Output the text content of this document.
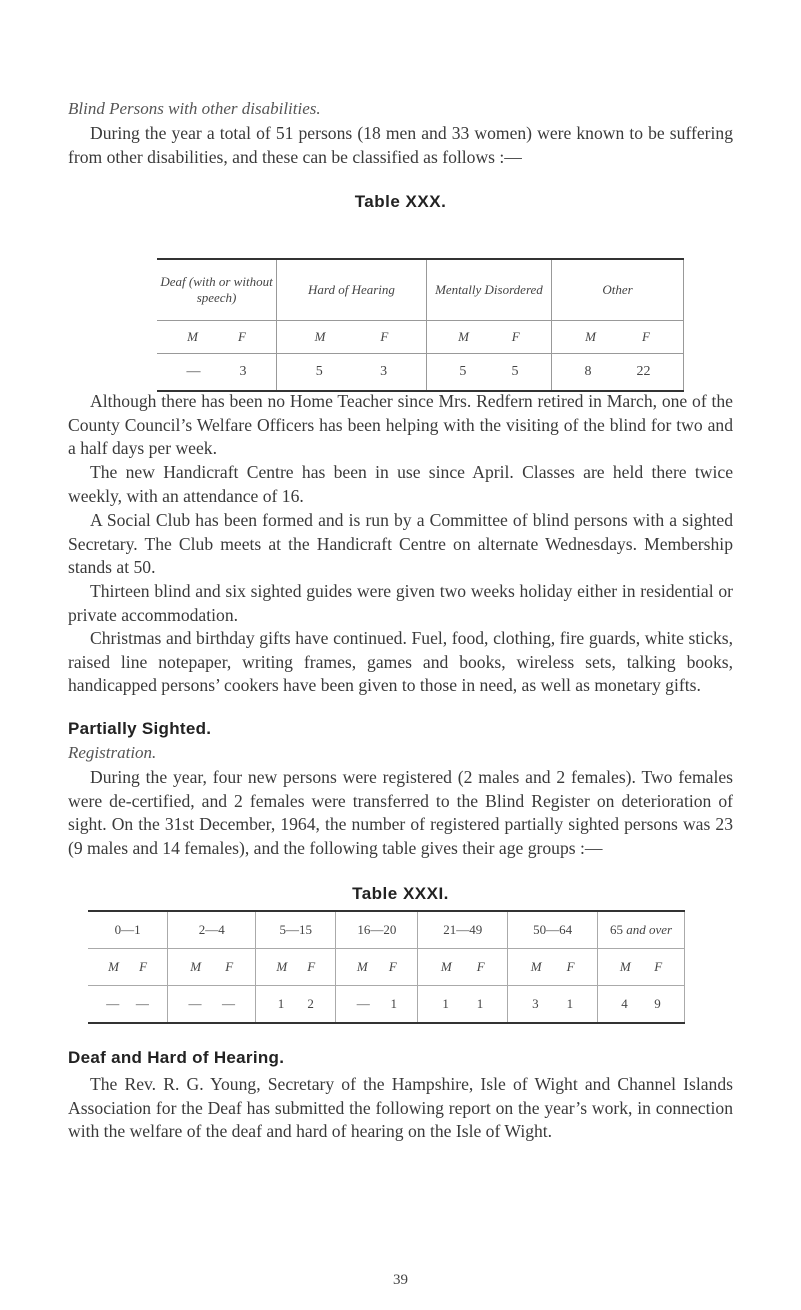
Blind Persons with other disabilities.

During the year a total of 51 persons (18 men and 33 women) were known to be suffering from other disabilities, and these can be classified as follows :—

Table XXX.
Deaf (with or without speech)	Hard of Hearing	Mentally Disordered	Other

M F	M F	M F	M F

— 3	5 3	5 5	8 22

Although there has been no Home Teacher since Mrs. Redfern retired in March, one of the County Council’s Welfare Officers has been helping with the visiting of the blind for two and a half days per week.

The new Handicraft Centre has been in use since April. Classes are held there twice weekly, with an attendance of 16.

A Social Club has been formed and is run by a Committee of blind persons with a sighted Secretary. The Club meets at the Handicraft Centre on alternate Wednesdays. Membership stands at 50.

Thirteen blind and six sighted guides were given two weeks holiday either in residential or private accommodation.

Christmas and birthday gifts have continued. Fuel, food, clothing, fire guards, white sticks, raised line notepaper, writing frames, games and books, wireless sets, talking books, handicapped persons’ cookers have been given to those in need, as well as monetary gifts.

Partially Sighted.
Registration.

During the year, four new persons were registered (2 males and 2 females). Two females were de-certified, and 2 females were transferred to the Blind Register on deterioration of sight. On the 31st December, 1964, the number of registered partially sighted persons was 23 (9 males and 14 females), and the following table gives their age groups :—

Table XXXI.
0—1	2—4	5—15	16—20	21—49	50—64	65 and over

M F	M F	M F	M F	M F	M F	M F

— —	— —	1 2	— 1	1 1	3 1	4 9
Deaf and Hard of Hearing.

The Rev. R. G. Young, Secretary of the Hampshire, Isle of Wight and Channel Islands Association for the Deaf has submitted the following report on the year’s work, in connection with the welfare of the deaf and hard of hearing on the Isle of Wight.

39
